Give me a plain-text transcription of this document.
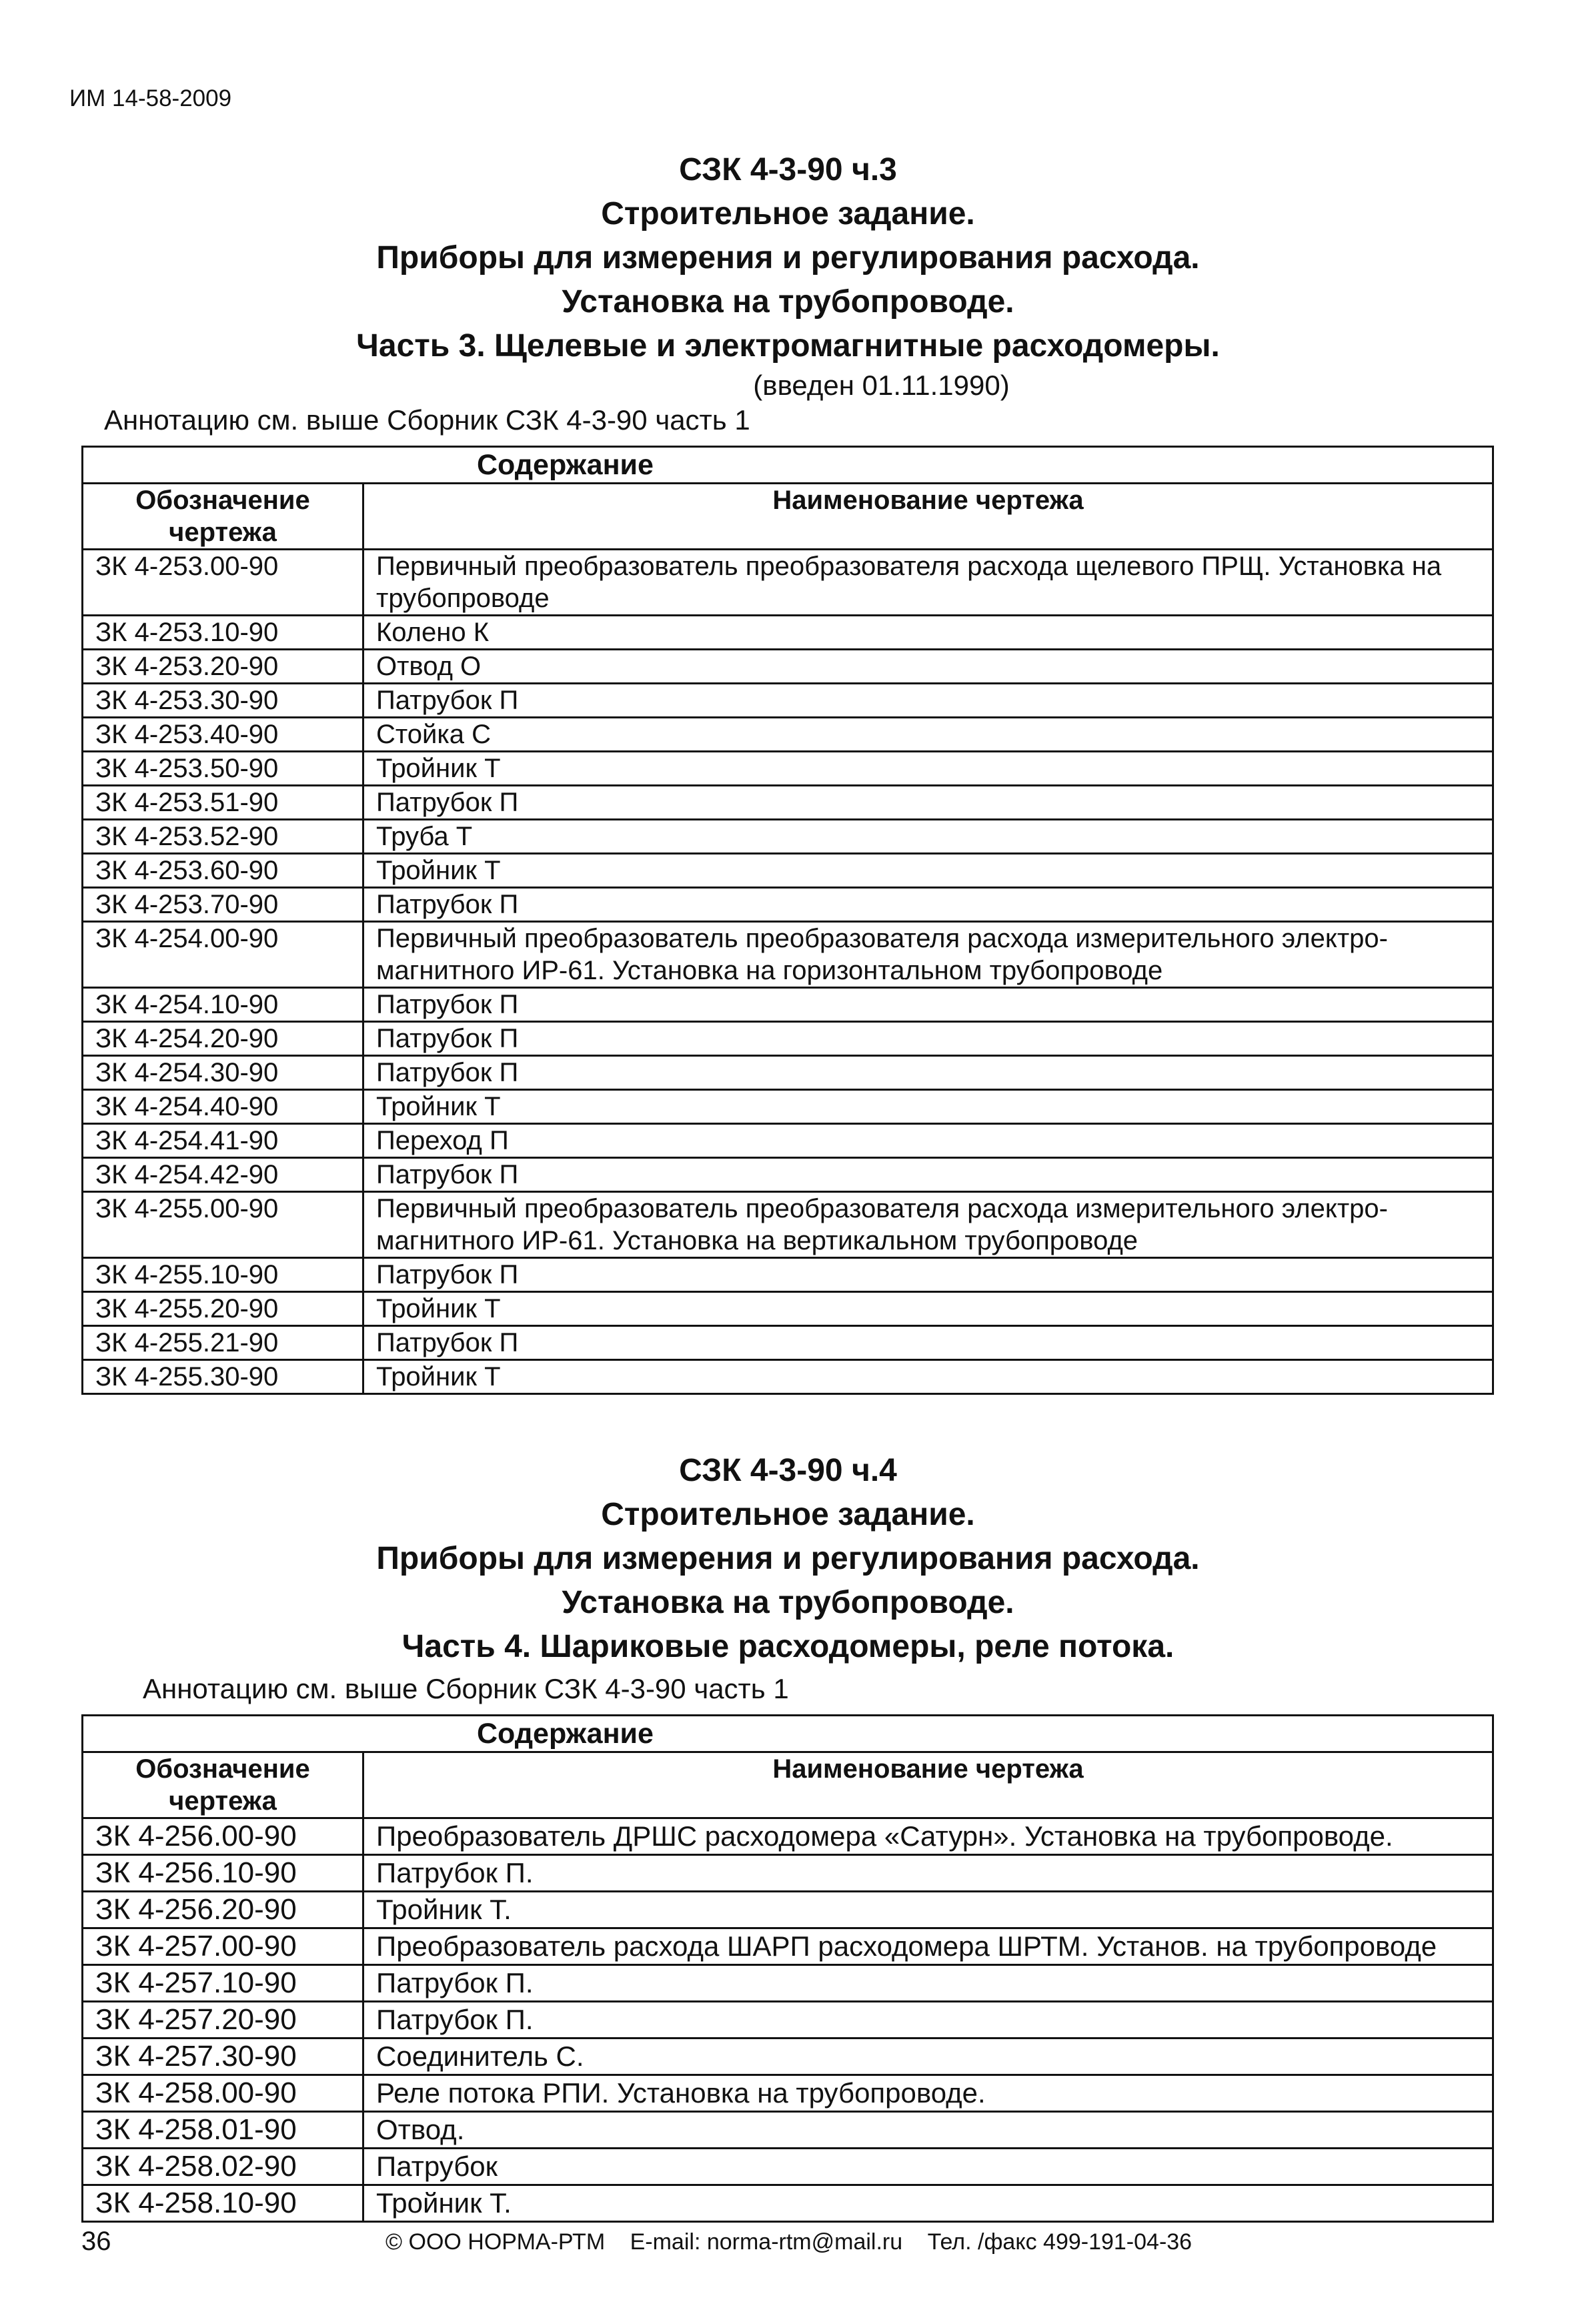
ИМ 14-58-2009
СЗК 4-3-90 ч.3
Строительное задание.
Приборы для измерения и регулирования расхода.
Установка на трубопроводе.
Часть 3. Щелевые и электромагнитные расходомеры.
(введен 01.11.1990)
Аннотацию см. выше Сборник СЗК 4-3-90 часть 1
Содержание	
Обозначение чертежа	Наименование чертежа
ЗК 4-253.00-90	Первичный преобразователь преобразователя расхода щелевого ПРЩ. Установка на трубопроводе
ЗК 4-253.10-90	Колено К
ЗК 4-253.20-90	Отвод О
ЗК 4-253.30-90	Патрубок П
ЗК 4-253.40-90	Стойка С
ЗК 4-253.50-90	Тройник Т
ЗК 4-253.51-90	Патрубок П
ЗК 4-253.52-90	Труба Т
ЗК 4-253.60-90	Тройник Т
ЗК 4-253.70-90	Патрубок П
ЗК 4-254.00-90	Первичный преобразователь преобразователя расхода измерительного электро-магнитного ИР-61. Установка на горизонтальном трубопроводе
ЗК 4-254.10-90	Патрубок П
ЗК 4-254.20-90	Патрубок П
ЗК 4-254.30-90	Патрубок П
ЗК 4-254.40-90	Тройник Т
ЗК 4-254.41-90	Переход П
ЗК 4-254.42-90	Патрубок П
ЗК 4-255.00-90	Первичный преобразователь преобразователя расхода измерительного электро-магнитного ИР-61. Установка на вертикальном трубопроводе
ЗК 4-255.10-90	Патрубок П
ЗК 4-255.20-90	Тройник Т
ЗК 4-255.21-90	Патрубок П
ЗК 4-255.30-90	Тройник Т
СЗК 4-3-90 ч.4
Строительное задание.
Приборы для измерения и регулирования расхода.
Установка на трубопроводе.
Часть 4. Шариковые расходомеры, реле потока.
Аннотацию см. выше Сборник СЗК 4-3-90 часть 1
Содержание	
Обозначение чертежа	Наименование чертежа
ЗК 4-256.00-90	Преобразователь ДРШС расходомера «Сатурн». Установка на трубопроводе.
ЗК 4-256.10-90	Патрубок П.
ЗК 4-256.20-90	Тройник Т.
ЗК 4-257.00-90	Преобразователь расхода ШАРП расходомера ШРТМ. Установ. на трубопроводе
ЗК 4-257.10-90	Патрубок П.
ЗК 4-257.20-90	Патрубок П.
ЗК 4-257.30-90	Соединитель С.
ЗК 4-258.00-90	Реле потока РПИ. Установка на трубопроводе.
ЗК 4-258.01-90	Отвод.
ЗК 4-258.02-90	Патрубок
ЗК 4-258.10-90	Тройник Т.
36	© ООО НОРМА-РТМ E-mail: norma-rtm@mail.ru Тел. /факс 499-191-04-36
